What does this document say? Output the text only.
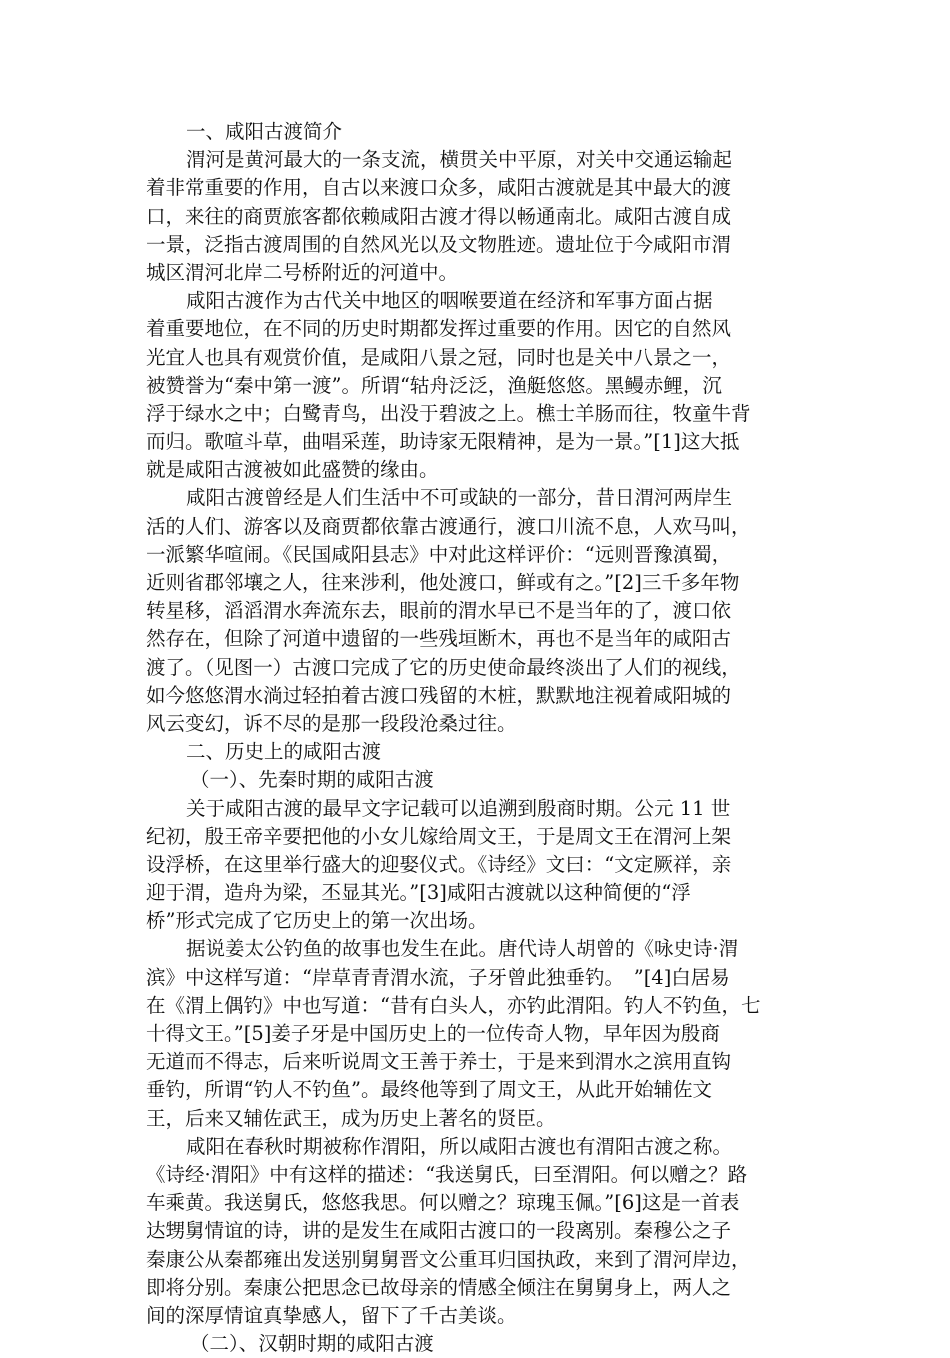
一、咸阳古渡简介
渭河是黄河最大的一条支流，横贯关中平原，对关中交通运输起
着非常重要的作用，自古以来渡口众多，咸阳古渡就是其中最大的渡
口，来往的商贾旅客都依赖咸阳古渡才得以畅通南北。咸阳古渡自成
一景，泛指古渡周围的自然风光以及文物胜迹。遗址位于今咸阳市渭
城区渭河北岸二号桥附近的河道中。
咸阳古渡作为古代关中地区的咽喉要道在经济和军事方面占据
着重要地位，在不同的历史时期都发挥过重要的作用。因它的自然风
光宜人也具有观赏价值，是咸阳八景之冠，同时也是关中八景之一，
被赞誉为“秦中第一渡”。所谓“轱舟泛泛，渔艇悠悠。黑鳗赤鲤，沉
浮于绿水之中；白鹭青鸟，出没于碧波之上。樵士羊肠而往，牧童牛背
而归。歌喧斗草，曲唱采莲，助诗家无限精神，是为一景。”[1]这大抵
就是咸阳古渡被如此盛赞的缘由。
咸阳古渡曾经是人们生活中不可或缺的一部分，昔日渭河两岸生
活的人们、游客以及商贾都依靠古渡通行，渡口川流不息，人欢马叫，
一派繁华喧闹。《民国咸阳县志》中对此这样评价：“远则晋豫滇蜀，
近则省郡邻壤之人，往来涉利，他处渡口，鲜或有之。”[2]三千多年物
转星移，滔滔渭水奔流东去，眼前的渭水早已不是当年的了，渡口依
然存在，但除了河道中遗留的一些残垣断木，再也不是当年的咸阳古
渡了。（见图一）古渡口完成了它的历史使命最终淡出了人们的视线，
如今悠悠渭水淌过轻拍着古渡口残留的木桩，默默地注视着咸阳城的
风云变幻，诉不尽的是那一段段沧桑过往。
二、历史上的咸阳古渡
（一）、先秦时期的咸阳古渡
关于咸阳古渡的最早文字记载可以追溯到殷商时期。公元 11 世
纪初，殷王帝辛要把他的小女儿嫁给周文王，于是周文王在渭河上架
设浮桥，在这里举行盛大的迎娶仪式。《诗经》文曰：“文定厥祥，亲
迎于渭，造舟为梁，丕显其光。”[3]咸阳古渡就以这种简便的“浮
桥”形式完成了它历史上的第一次出场。
据说姜太公钓鱼的故事也发生在此。唐代诗人胡曾的《咏史诗·渭
滨》中这样写道：“岸草青青渭水流，子牙曾此独垂钓。　”[4]白居易
在《渭上偶钓》中也写道：“昔有白头人，亦钓此渭阳。钓人不钓鱼，七
十得文王。”[5]姜子牙是中国历史上的一位传奇人物，早年因为殷商
无道而不得志，后来听说周文王善于养士，于是来到渭水之滨用直钩
垂钓，所谓“钓人不钓鱼”。最终他等到了周文王，从此开始辅佐文
王，后来又辅佐武王，成为历史上著名的贤臣。
咸阳在春秋时期被称作渭阳，所以咸阳古渡也有渭阳古渡之称。
《诗经·渭阳》中有这样的描述：“我送舅氏，曰至渭阳。何以赠之？路
车乘黄。我送舅氏，悠悠我思。何以赠之？琼瑰玉佩。”[6]这是一首表
达甥舅情谊的诗，讲的是发生在咸阳古渡口的一段离别。秦穆公之子
秦康公从秦都雍出发送别舅舅晋文公重耳归国执政，来到了渭河岸边，
即将分别。秦康公把思念已故母亲的情感全倾注在舅舅身上，两人之
间的深厚情谊真挚感人，留下了千古美谈。
（二）、汉朝时期的咸阳古渡
